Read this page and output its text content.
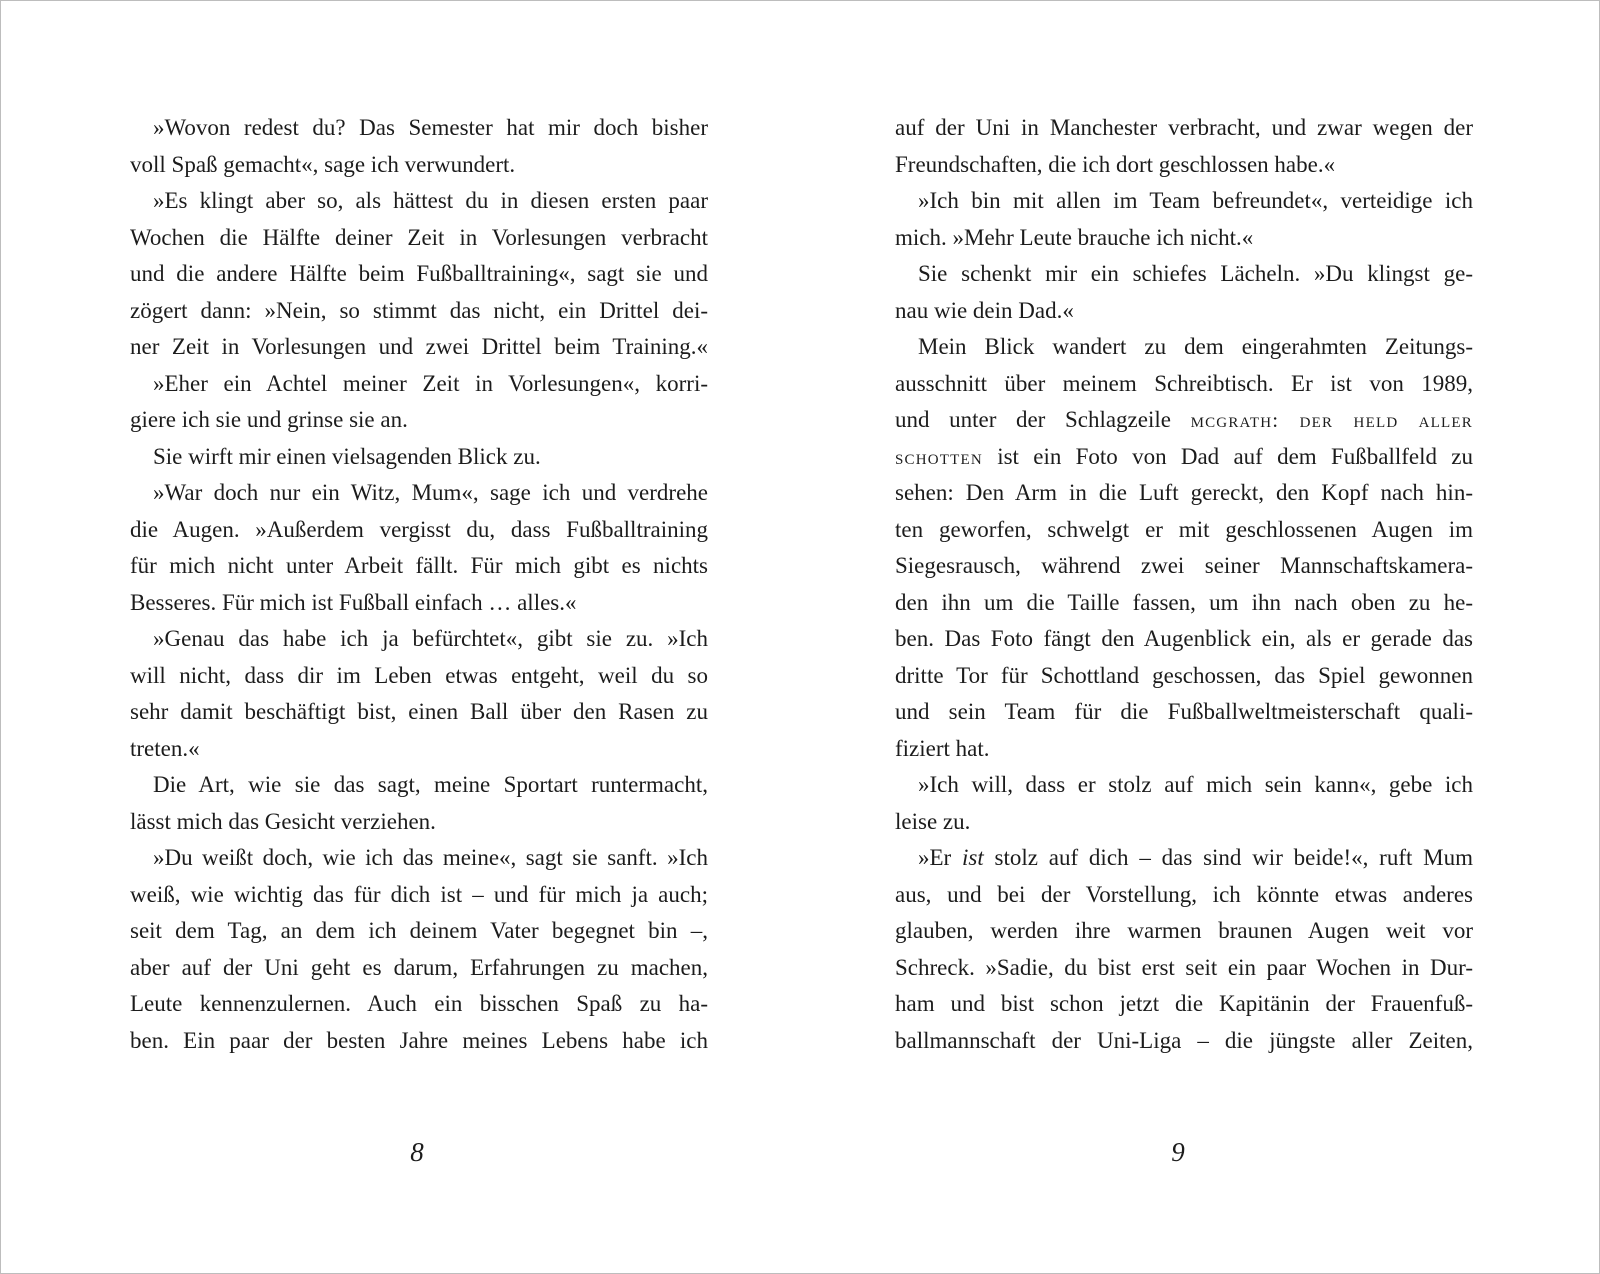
»Wovon redest du? Das Semester hat mir doch bisher

voll Spaß gemacht«, sage ich verwundert.

»Es klingt aber so, als hättest du in diesen ersten paar

Wochen die Hälfte deiner Zeit in Vorlesungen verbracht

und die andere Hälfte beim Fußballtraining«, sagt sie und

zögert dann: »Nein, so stimmt das nicht, ein Drittel dei-

ner Zeit in Vorlesungen und zwei Drittel beim Training.«

»Eher ein Achtel meiner Zeit in Vorlesungen«, korri-

giere ich sie und grinse sie an.

Sie wirft mir einen vielsagenden Blick zu.

»War doch nur ein Witz, Mum«, sage ich und verdrehe

die Augen. »Außerdem vergisst du, dass Fußballtraining

für mich nicht unter Arbeit fällt. Für mich gibt es nichts

Besseres. Für mich ist Fußball einfach … alles.«

»Genau das habe ich ja befürchtet«, gibt sie zu. »Ich

will nicht, dass dir im Leben etwas entgeht, weil du so

sehr damit beschäftigt bist, einen Ball über den Rasen zu

treten.«

Die Art, wie sie das sagt, meine Sportart runtermacht,

lässt mich das Gesicht verziehen.

»Du weißt doch, wie ich das meine«, sagt sie sanft. »Ich

weiß, wie wichtig das für dich ist – und für mich ja auch;

seit dem Tag, an dem ich deinem Vater begegnet bin –,

aber auf der Uni geht es darum, Erfahrungen zu machen,

Leute kennenzulernen. Auch ein bisschen Spaß zu ha-

ben. Ein paar der besten Jahre meines Lebens habe ich

auf der Uni in Manchester verbracht, und zwar wegen der

Freundschaften, die ich dort geschlossen habe.«

»Ich bin mit allen im Team befreundet«, verteidige ich

mich. »Mehr Leute brauche ich nicht.«

Sie schenkt mir ein schiefes Lächeln. »Du klingst ge-

nau wie dein Dad.«

Mein Blick wandert zu dem eingerahmten Zeitungs-

ausschnitt über meinem Schreibtisch. Er ist von 1989,

und unter der Schlagzeile mcgrath: der held aller

schotten ist ein Foto von Dad auf dem Fußballfeld zu

sehen: Den Arm in die Luft gereckt, den Kopf nach hin-

ten geworfen, schwelgt er mit geschlossenen Augen im

Siegesrausch, während zwei seiner Mannschaftskamera-

den ihn um die Taille fassen, um ihn nach oben zu he-

ben. Das Foto fängt den Augenblick ein, als er gerade das

dritte Tor für Schottland geschossen, das Spiel gewonnen

und sein Team für die Fußballweltmeisterschaft quali-

fiziert hat.

»Ich will, dass er stolz auf mich sein kann«, gebe ich

leise zu.

»Er ist stolz auf dich – das sind wir beide!«, ruft Mum

aus, und bei der Vorstellung, ich könnte etwas anderes

glauben, werden ihre warmen braunen Augen weit vor

Schreck. »Sadie, du bist erst seit ein paar Wochen in Dur-

ham und bist schon jetzt die Kapitänin der Frauenfuß-

ballmannschaft der Uni-Liga – die jüngste aller Zeiten,

8	9
